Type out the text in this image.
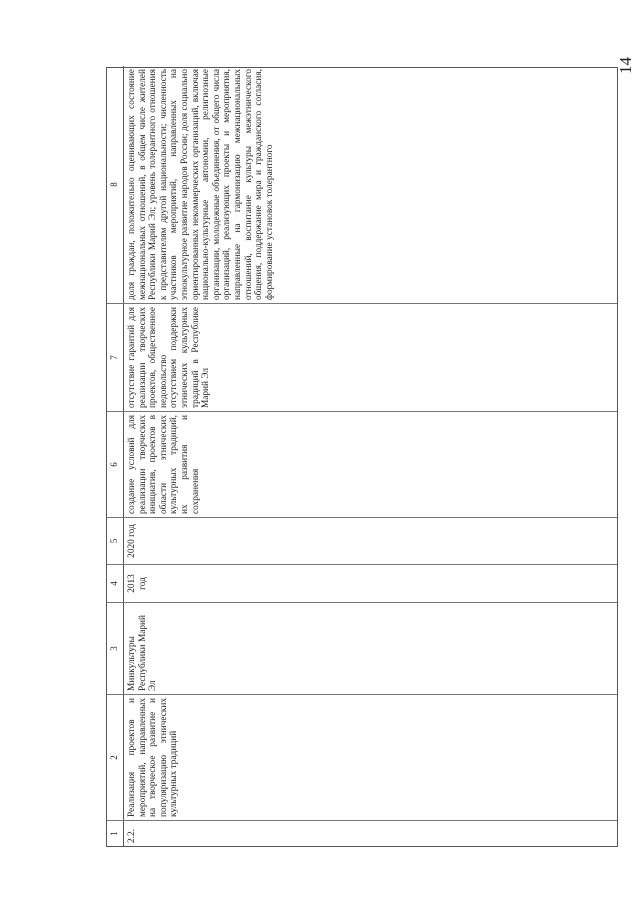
14
1
2
3
4
5
6
7
8
2.2.
Реализация проектов и мероприятий, направленных на творческое развитие и популяризацию этнических культурных традиций
Минкультуры Республики Марий Эл
2013 год
2020 год
создание условий для реализации творческих инициатив, проектов в области этнических культурных традиций, их развития и сохранения
отсутствие гарантий для реализации творческих проектов, общественное недовольство отсутствием поддержки этнических культурных традиций в Республике Марий Эл
доля граждан, положительно оценивающих состояние межнациональных отношений, в общем числе жителей Республики Марий Эл; уровень толерантного отношения к представителям другой национальности; численность участников мероприятий, направленных на этнокультурное развитие народов России; доля социально ориентированных некоммерческих организаций, включая национально-культурные автономии, религиозные организации, молодежные объединения, от общего числа организаций, реализующих проекты и мероприятия, направленные на гармонизацию межнациональных отношений, воспитание культуры межэтнического общения, поддержание мира и гражданского согласия, формирование установок толерантного
